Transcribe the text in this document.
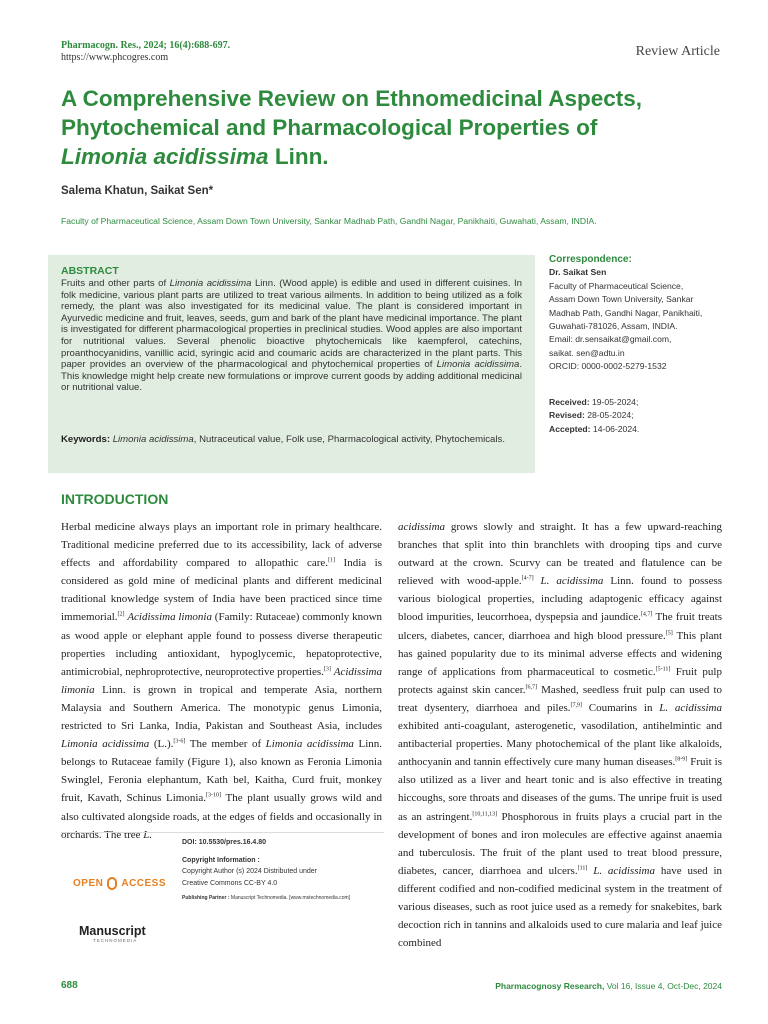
Pharmacogn. Res., 2024; 16(4):688-697.
https://www.phcogres.com	Review Article
A Comprehensive Review on Ethnomedicinal Aspects,
Phytochemical and Pharmacological Properties of
Limonia acidissima Linn.
Salema Khatun, Saikat Sen*
Faculty of Pharmaceutical Science, Assam Down Town University, Sankar Madhab Path, Gandhi Nagar, Panikhaiti, Guwahati, Assam, INDIA.
ABSTRACT
Fruits and other parts of Limonia acidissima Linn. (Wood apple) is edible and used in different cuisines. In folk medicine, various plant parts are utilized to treat various ailments. In addition to being utilized as a folk remedy, the plant was also investigated for its medicinal value. The plant is considered important in Ayurvedic medicine and fruit, leaves, seeds, gum and bark of the plant have medicinal importance. The plant is investigated for different pharmacological properties in preclinical studies. Wood apples are also important for nutritional values. Several phenolic bioactive phytochemicals like kaempferol, catechins, proanthocyanidins, vanillic acid, syringic acid and coumaric acids are characterized in the plant parts. This paper provides an overview of the pharmacological and phytochemical properties of Limonia acidissima. This knowledge might help create new formulations or improve current goods by adding additional medicinal or nutritional value.
Keywords: Limonia acidissima, Nutraceutical value, Folk use, Pharmacological activity, Phytochemicals.
Correspondence:
Dr. Saikat Sen
Faculty of Pharmaceutical Science,
Assam Down Town University, Sankar
Madhab Path, Gandhi Nagar, Panikhaiti,
Guwahati-781026, Assam, INDIA.
Email: dr.sensaikat@gmail.com,
saikat. sen@adtu.in
ORCID: 0000-0002-5279-1532
Received: 19-05-2024;
Revised: 28-05-2024;
Accepted: 14-06-2024.
INTRODUCTION
Herbal medicine always plays an important role in primary healthcare. Traditional medicine preferred due to its accessibility, lack of adverse effects and affordability compared to allopathic care.[1] India is considered as gold mine of medicinal plants and different medicinal traditional knowledge system of India have been practiced since time immemorial.[2] Acidissima limonia (Family: Rutaceae) commonly known as wood apple or elephant apple found to possess diverse therapeutic properties including antioxidant, hypoglycemic, hepatoprotective, antimicrobial, nephroprotective, neuroprotective properties.[3] Acidissima limonia Linn. is grown in tropical and temperate Asia, northern Malaysia and Southern America. The monotypic genus Limonia, restricted to Sri Lanka, India, Pakistan and Southeast Asia, includes Limonia acidissima (L.).[3-6] The member of Limonia acidissima Linn. belongs to Rutaceae family (Figure 1), also known as Feronia Limonia Swinglel, Feronia elephantum, Kath bel, Kaitha, Curd fruit, monkey fruit, Kavath, Schinus Limonia.[3-10] The plant usually grows wild and also cultivated alongside roads, at the edges of fields and occasionally in orchards. The tree L.
acidissima grows slowly and straight. It has a few upward-reaching branches that split into thin branchlets with drooping tips and curve outward at the crown. Scurvy can be treated and flatulence can be relieved with wood-apple.[4-7] L. acidissima Linn. found to possess various biological properties, including adaptogenic efficacy against blood impurities, leucorrhoea, dyspepsia and jaundice.[4,7] The fruit treats ulcers, diabetes, cancer, diarrhoea and high blood pressure.[5] This plant has gained popularity due to its minimal adverse effects and widening range of applications from pharmaceutical to cosmetic.[5-11] Fruit pulp protects against skin cancer.[6,7] Mashed, seedless fruit pulp can used to treat dysentery, diarrhoea and piles.[7,9] Coumarins in L. acidissima exhibited anti-coagulant, asterogenetic, vasodilation, antihelmintic and antibacterial properties. Many photochemical of the plant like alkaloids, anthocyanin and tannin effectively cure many human diseases.[8-9] Fruit is also utilized as a liver and heart tonic and is also effective in treating hiccoughs, sore throats and diseases of the gums. The unripe fruit is used as an astringent.[10,11,13] Phosphorous in fruits plays a crucial part in the development of bones and iron molecules are effective against anaemia and tuberculosis. The fruit of the plant used to treat blood pressure, diabetes, cancer, diarrhoea and ulcers.[11] L. acidissima have used in different codified and non-codified medicinal system in the treatment of various diseases, such as root juice used as a remedy for snakebites, bark decoction rich in tannins and alkaloids used to cure malaria and leaf juice combined
OPEN ACCESS
Manuscript
TECHNOMEDIA
DOI: 10.5530/pres.16.4.80
Copyright Information :
Copyright Author (s) 2024 Distributed under
Creative Commons CC-BY 4.0
Publishing Partner : Manuscript Technomedia. [www.mstechnomedia.com]
688	Pharmacognosy Research, Vol 16, Issue 4, Oct-Dec, 2024
